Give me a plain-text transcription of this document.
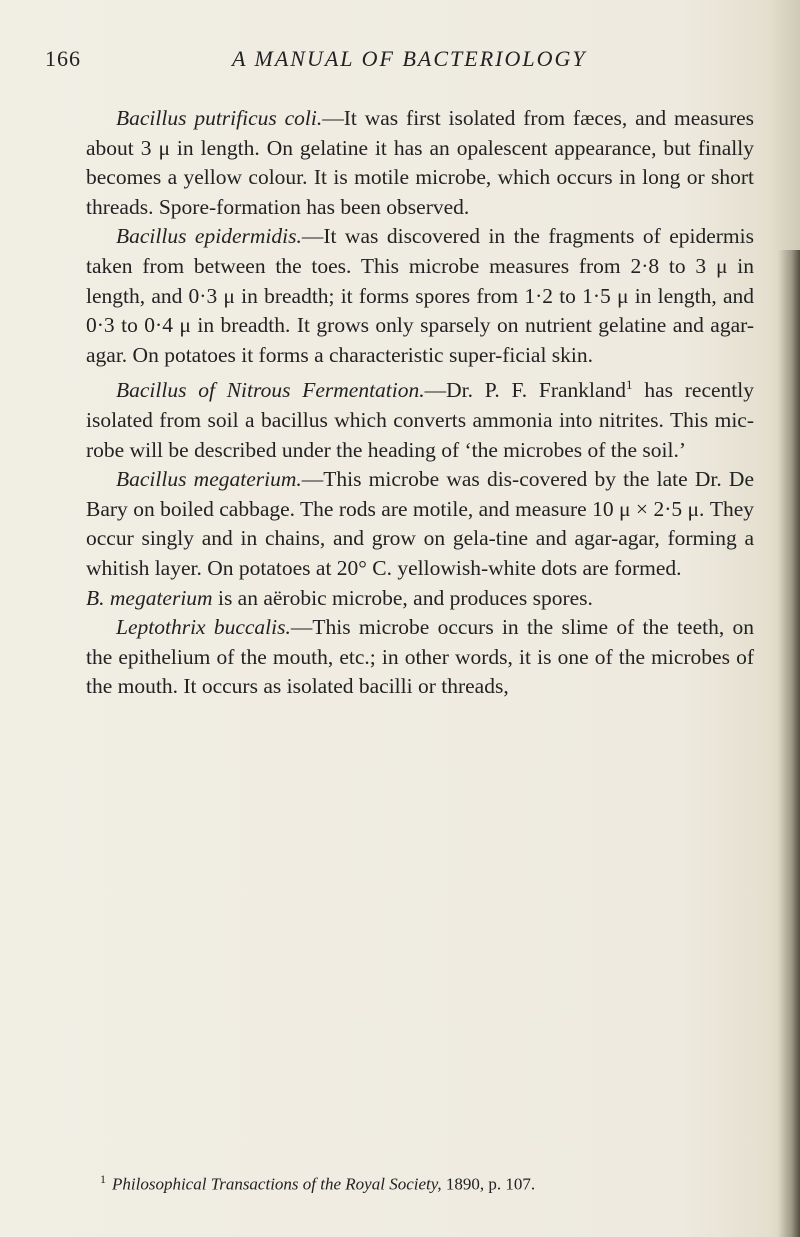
166	A MANUAL OF BACTERIOLOGY

Bacillus putrificus coli.—It was first isolated from fæces, and measures about 3 μ in length. On gelatine it has an opalescent appearance, but finally becomes a yellow colour. It is motile microbe, which occurs in long or short threads. Spore-formation has been observed.

Bacillus epidermidis.—It was discovered in the fragments of epidermis taken from between the toes. This microbe measures from 2·8 to 3 μ in length, and 0·3 μ in breadth; it forms spores from 1·2 to 1·5 μ in length, and 0·3 to 0·4 μ in breadth. It grows only sparsely on nutrient gelatine and agar-agar. On potatoes it forms a characteristic super-ficial skin.

Bacillus of Nitrous Fermentation.—Dr. P. F. Frankland$^1$ has recently isolated from soil a bacillus which converts ammonia into nitrites. This mic-robe will be described under the heading of ‘the microbes of the soil.’

Bacillus megaterium.—This microbe was dis-covered by the late Dr. De Bary on boiled cabbage. The rods are motile, and measure 10 μ × 2·5 μ. They occur singly and in chains, and grow on gela-tine and agar-agar, forming a whitish layer. On potatoes at 20° C. yellowish-white dots are formed.

B. megaterium is an aërobic microbe, and produces spores.

Leptothrix buccalis.—This microbe occurs in the slime of the teeth, on the epithelium of the mouth, etc.; in other words, it is one of the microbes of the mouth. It occurs as isolated bacilli or threads,

$^1$ Philosophical Transactions of the Royal Society, 1890, p. 107.
